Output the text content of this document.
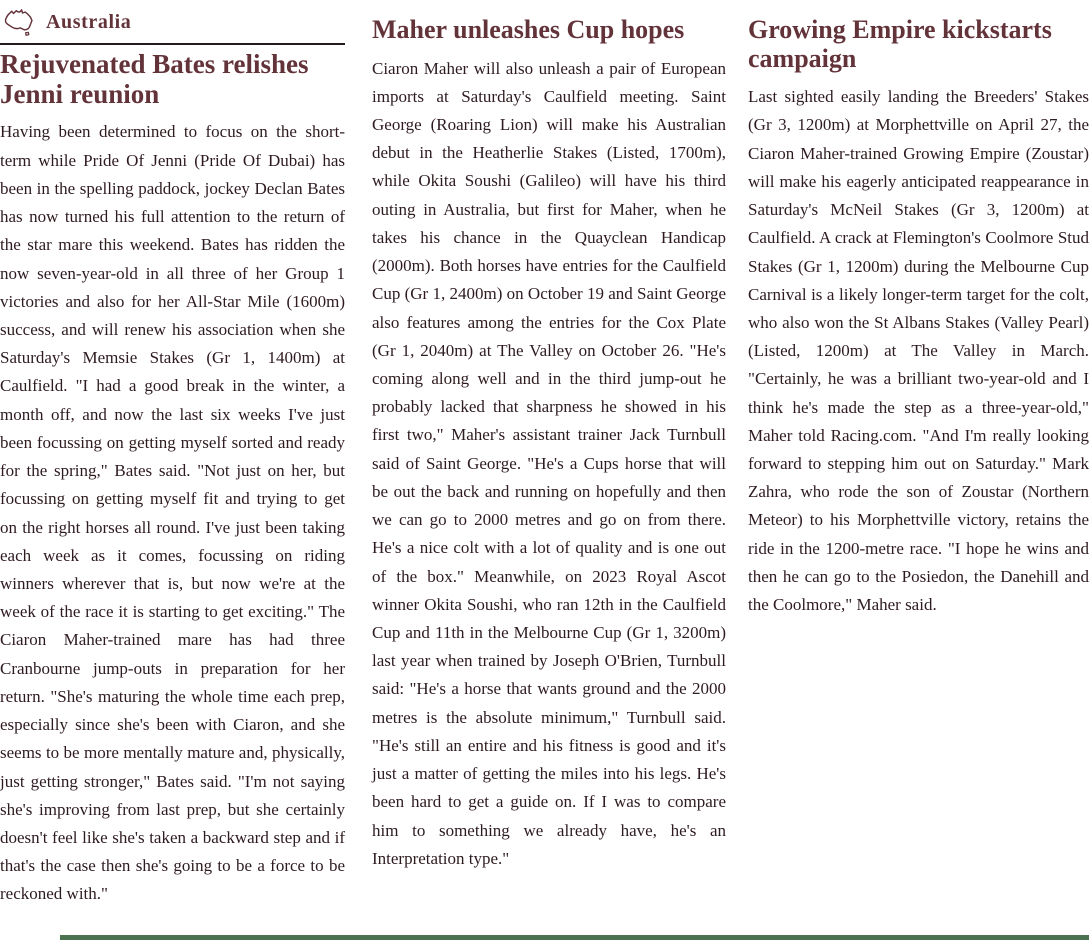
Australia
Rejuvenated Bates relishes Jenni reunion

Having been determined to focus on the short-term while Pride Of Jenni (Pride Of Dubai) has been in the spelling paddock, jockey Declan Bates has now turned his full attention to the return of the star mare this weekend. Bates has ridden the now seven-year-old in all three of her Group 1 victories and also for her All-Star Mile (1600m) success, and will renew his association when she Saturday's Memsie Stakes (Gr 1, 1400m) at Caulfield. "I had a good break in the winter, a month off, and now the last six weeks I've just been focussing on getting myself sorted and ready for the spring," Bates said. "Not just on her, but focussing on getting myself fit and trying to get on the right horses all round. I've just been taking each week as it comes, focussing on riding winners wherever that is, but now we're at the week of the race it is starting to get exciting." The Ciaron Maher-trained mare has had three Cranbourne jump-outs in preparation for her return. "She's maturing the whole time each prep, especially since she's been with Ciaron, and she seems to be more mentally mature and, physically, just getting stronger," Bates said. "I'm not saying she's improving from last prep, but she certainly doesn't feel like she's taken a backward step and if that's the case then she's going to be a force to be reckoned with."

Maher unleashes Cup hopes

Ciaron Maher will also unleash a pair of European imports at Saturday's Caulfield meeting. Saint George (Roaring Lion) will make his Australian debut in the Heatherlie Stakes (Listed, 1700m), while Okita Soushi (Galileo) will have his third outing in Australia, but first for Maher, when he takes his chance in the Quayclean Handicap (2000m). Both horses have entries for the Caulfield Cup (Gr 1, 2400m) on October 19 and Saint George also features among the entries for the Cox Plate (Gr 1, 2040m) at The Valley on October 26. "He's coming along well and in the third jump-out he probably lacked that sharpness he showed in his first two," Maher's assistant trainer Jack Turnbull said of Saint George. "He's a Cups horse that will be out the back and running on hopefully and then we can go to 2000 metres and go on from there. He's a nice colt with a lot of quality and is one out of the box." Meanwhile, on 2023 Royal Ascot winner Okita Soushi, who ran 12th in the Caulfield Cup and 11th in the Melbourne Cup (Gr 1, 3200m) last year when trained by Joseph O'Brien, Turnbull said: "He's a horse that wants ground and the 2000 metres is the absolute minimum," Turnbull said. "He's still an entire and his fitness is good and it's just a matter of getting the miles into his legs. He's been hard to get a guide on. If I was to compare him to something we already have, he's an Interpretation type."

Growing Empire kickstarts campaign

Last sighted easily landing the Breeders' Stakes (Gr 3, 1200m) at Morphettville on April 27, the Ciaron Maher-trained Growing Empire (Zoustar) will make his eagerly anticipated reappearance in Saturday's McNeil Stakes (Gr 3, 1200m) at Caulfield. A crack at Flemington's Coolmore Stud Stakes (Gr 1, 1200m) during the Melbourne Cup Carnival is a likely longer-term target for the colt, who also won the St Albans Stakes (Valley Pearl) (Listed, 1200m) at The Valley in March. "Certainly, he was a brilliant two-year-old and I think he's made the step as a three-year-old," Maher told Racing.com. "And I'm really looking forward to stepping him out on Saturday." Mark Zahra, who rode the son of Zoustar (Northern Meteor) to his Morphettville victory, retains the ride in the 1200-metre race. "I hope he wins and then he can go to the Posiedon, the Danehill and the Coolmore," Maher said.
